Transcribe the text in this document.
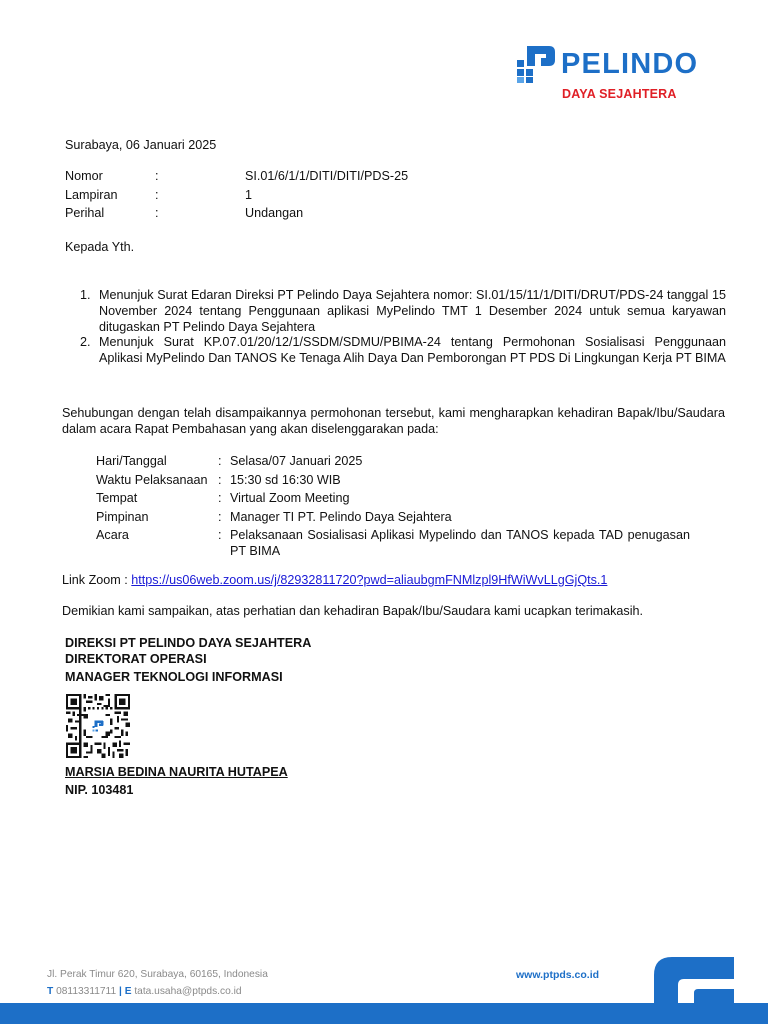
PELINDO
DAYA SEJAHTERA
Surabaya, 06 Januari 2025
Nomor	:	SI.01/6/1/1/DITI/DITI/PDS-25
Lampiran	:	1
Perihal	:	Undangan
Kepada Yth.
1. Menunjuk Surat Edaran Direksi PT Pelindo Daya Sejahtera nomor: SI.01/15/11/1/DITI/DRUT/PDS-24 tanggal 15 November 2024 tentang Penggunaan aplikasi MyPelindo TMT 1 Desember 2024 untuk semua karyawan ditugaskan PT Pelindo Daya Sejahtera
2. Menunjuk Surat KP.07.01/20/12/1/SSDM/SDMU/PBIMA-24 tentang Permohonan Sosialisasi Penggunaan Aplikasi MyPelindo Dan TANOS Ke Tenaga Alih Daya Dan Pemborongan PT PDS Di Lingkungan Kerja PT BIMA
Sehubungan dengan telah disampaikannya permohonan tersebut, kami mengharapkan kehadiran Bapak/Ibu/Saudara dalam acara Rapat Pembahasan yang akan diselenggarakan pada:
Hari/Tanggal	: Selasa/07 Januari 2025
Waktu Pelaksanaan : 15:30 sd 16:30 WIB
Tempat	: Virtual Zoom Meeting
Pimpinan	: Manager TI PT. Pelindo Daya Sejahtera
Acara	: Pelaksanaan Sosialisasi Aplikasi Mypelindo dan TANOS kepada TAD penugasan PT BIMA
Link Zoom : https://us06web.zoom.us/j/82932811720?pwd=aliaubgmFNMlzpl9HfWiWvLLgGjQts.1
Demikian kami sampaikan, atas perhatian dan kehadiran Bapak/Ibu/Saudara kami ucapkan terimakasih.
DIREKSI PT PELINDO DAYA SEJAHTERA
DIREKTORAT OPERASI
MANAGER TEKNOLOGI INFORMASI
MARSIA BEDINA NAURITA HUTAPEA
NIP. 103481
Jl. Perak Timur 620, Surabaya, 60165, Indonesia
T 08113311711 | E tata.usaha@ptpds.co.id
www.ptpds.co.id
